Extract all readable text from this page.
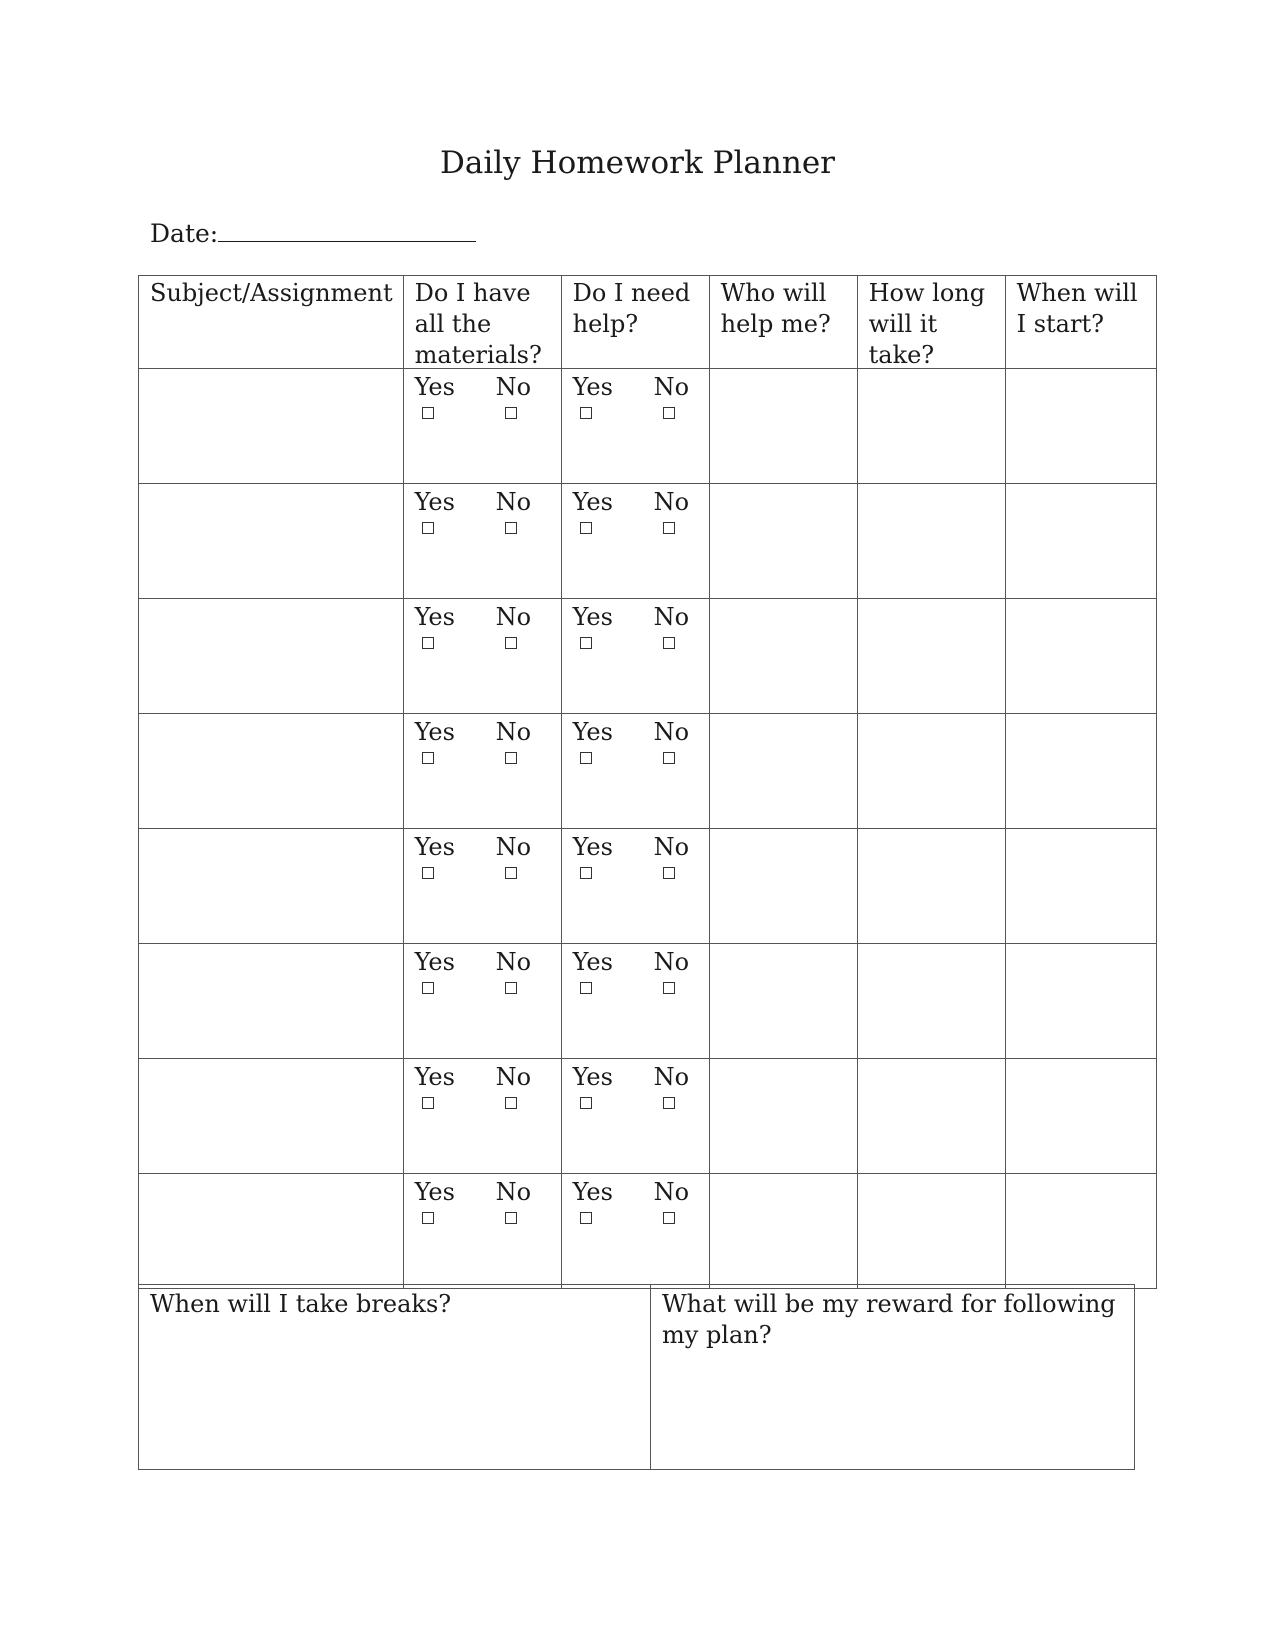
Daily Homework Planner
Date:
Subject/Assignment	Do I have all the materials?	Do I need help?	Who will help me?	How long will it take?	When will I start?

	Yes No	Yes No			

	Yes No	Yes No			

	Yes No	Yes No			

	Yes No	Yes No			

	Yes No	Yes No			

	Yes No	Yes No			

	Yes No	Yes No			

	Yes No	Yes No			

When will I take breaks?	What will be my reward for following my plan?
